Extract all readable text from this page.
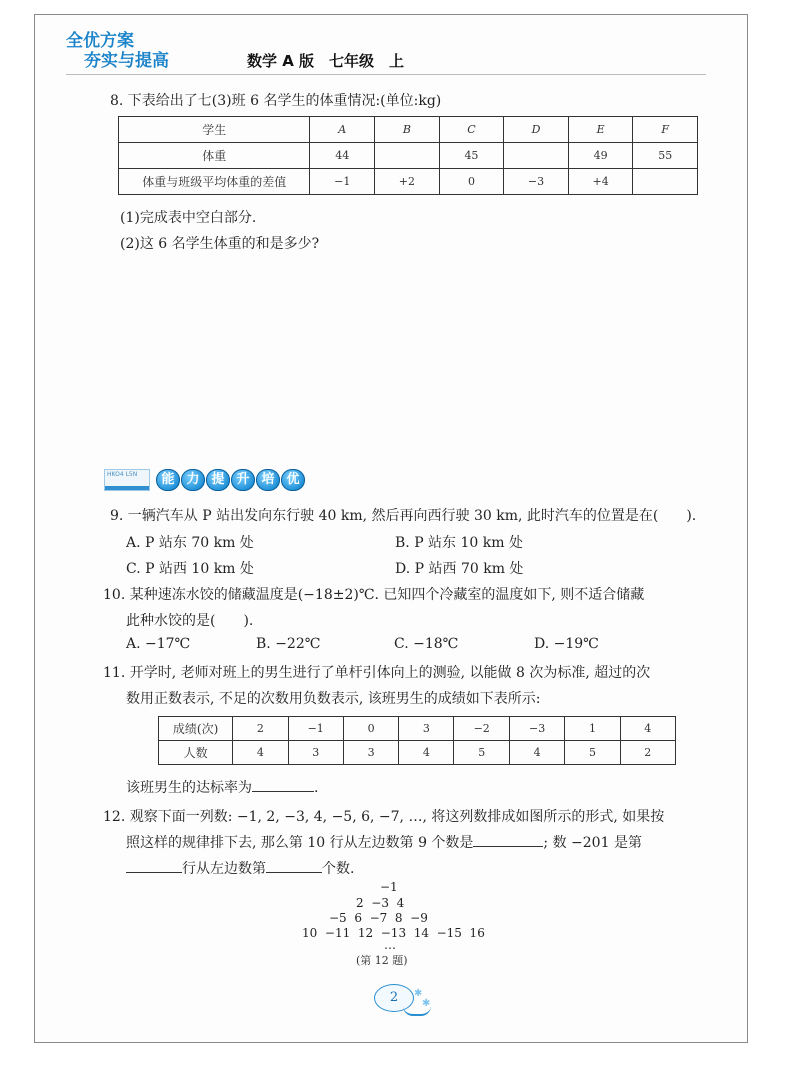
全优方案
夯实与提高	数学 A 版　七年级　上
8. 下表给出了七(3)班 6 名学生的体重情况:(单位:kg)
学生	A	B	C	D	E	F
体重	44		45		49	55
体重与班级平均体重的差值	−1	+2	0	−3	+4	
(1)完成表中空白部分.
(2)这 6 名学生体重的和是多少?
HKO4 L5N	能 力 提 升 培 优
9. 一辆汽车从 P 站出发向东行驶 40 km, 然后再向西行驶 30 km, 此时汽车的位置是在(　　).
A. P 站东 70 km 处	B. P 站东 10 km 处
C. P 站西 10 km 处	D. P 站西 70 km 处
10. 某种速冻水饺的储藏温度是(−18±2)℃. 已知四个冷藏室的温度如下, 则不适合储藏
此种水饺的是(　　).
A. −17℃	B. −22℃	C. −18℃	D. −19℃
11. 开学时, 老师对班上的男生进行了单杆引体向上的测验, 以能做 8 次为标准, 超过的次
数用正数表示, 不足的次数用负数表示, 该班男生的成绩如下表所示:
成绩(次)	2	−1	0	3	−2	−3	1	4
人数	4	3	3	4	5	4	5	2
该班男生的达标率为	.
12. 观察下面一列数: −1, 2, −3, 4, −5, 6, −7, …, 将这列数排成如图所示的形式, 如果按
照这样的规律排下去, 那么第 10 行从左边数第 9 个数是	; 数 −201 是第
行从左边数第	个数.
−1
2  −3  4
−5  6  −7  8  −9
10  −11  12  −13  14  −15  16
…
(第 12 题)
2	✱
✱
